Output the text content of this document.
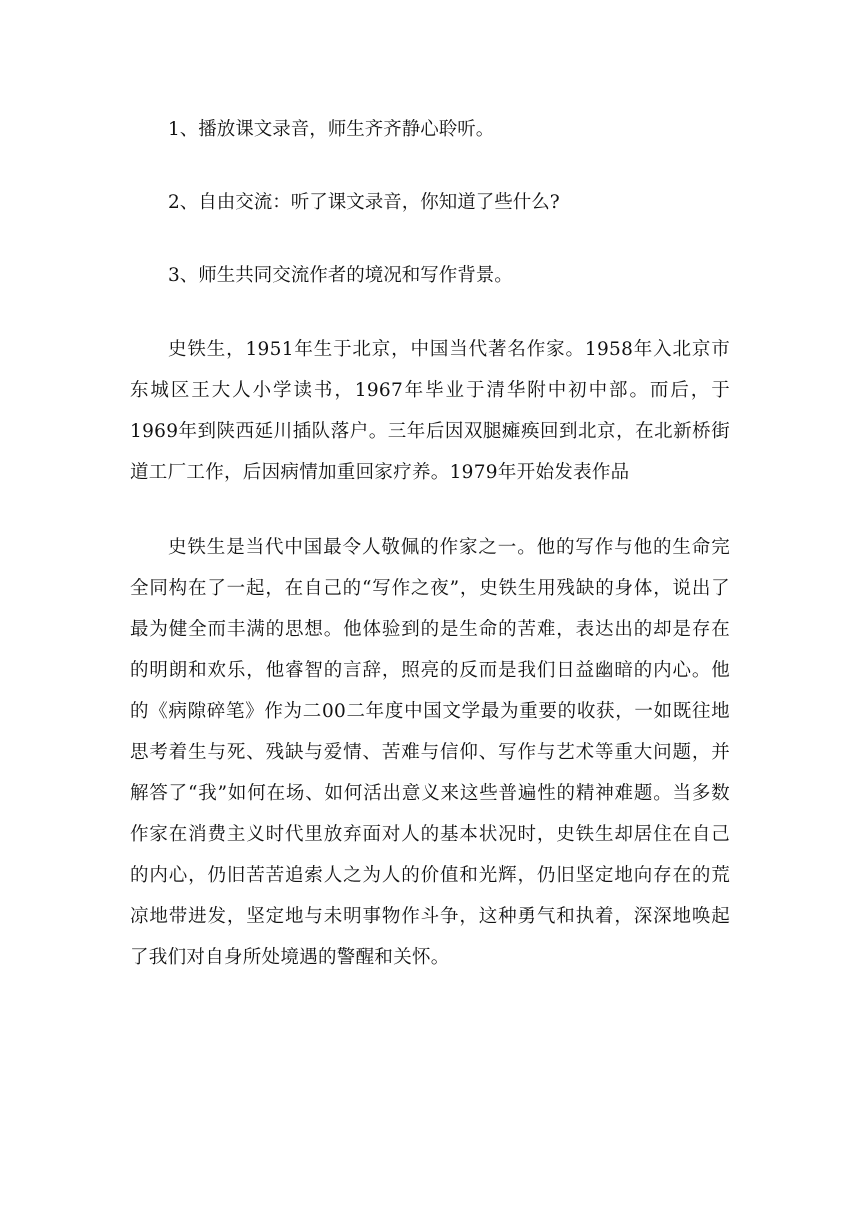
1、播放课文录音，师生齐齐静心聆听。

2、自由交流：听了课文录音，你知道了些什么?

3、师生共同交流作者的境况和写作背景。

史铁生，1951年生于北京，中国当代著名作家。1958年入北京市东城区王大人小学读书，1967年毕业于清华附中初中部。而后，于1969年到陕西延川插队落户。三年后因双腿瘫痪回到北京，在北新桥街道工厂工作，后因病情加重回家疗养。1979年开始发表作品

史铁生是当代中国最令人敬佩的作家之一。他的写作与他的生命完全同构在了一起，在自己的“写作之夜”，史铁生用残缺的身体，说出了最为健全而丰满的思想。他体验到的是生命的苦难，表达出的却是存在的明朗和欢乐，他睿智的言辞，照亮的反而是我们日益幽暗的内心。他的《病隙碎笔》作为二00二年度中国文学最为重要的收获，一如既往地思考着生与死、残缺与爱情、苦难与信仰、写作与艺术等重大问题，并解答了“我”如何在场、如何活出意义来这些普遍性的精神难题。当多数作家在消费主义时代里放弃面对人的基本状况时，史铁生却居住在自己的内心，仍旧苦苦追索人之为人的价值和光辉，仍旧坚定地向存在的荒凉地带进发，坚定地与未明事物作斗争，这种勇气和执着，深深地唤起了我们对自身所处境遇的警醒和关怀。
